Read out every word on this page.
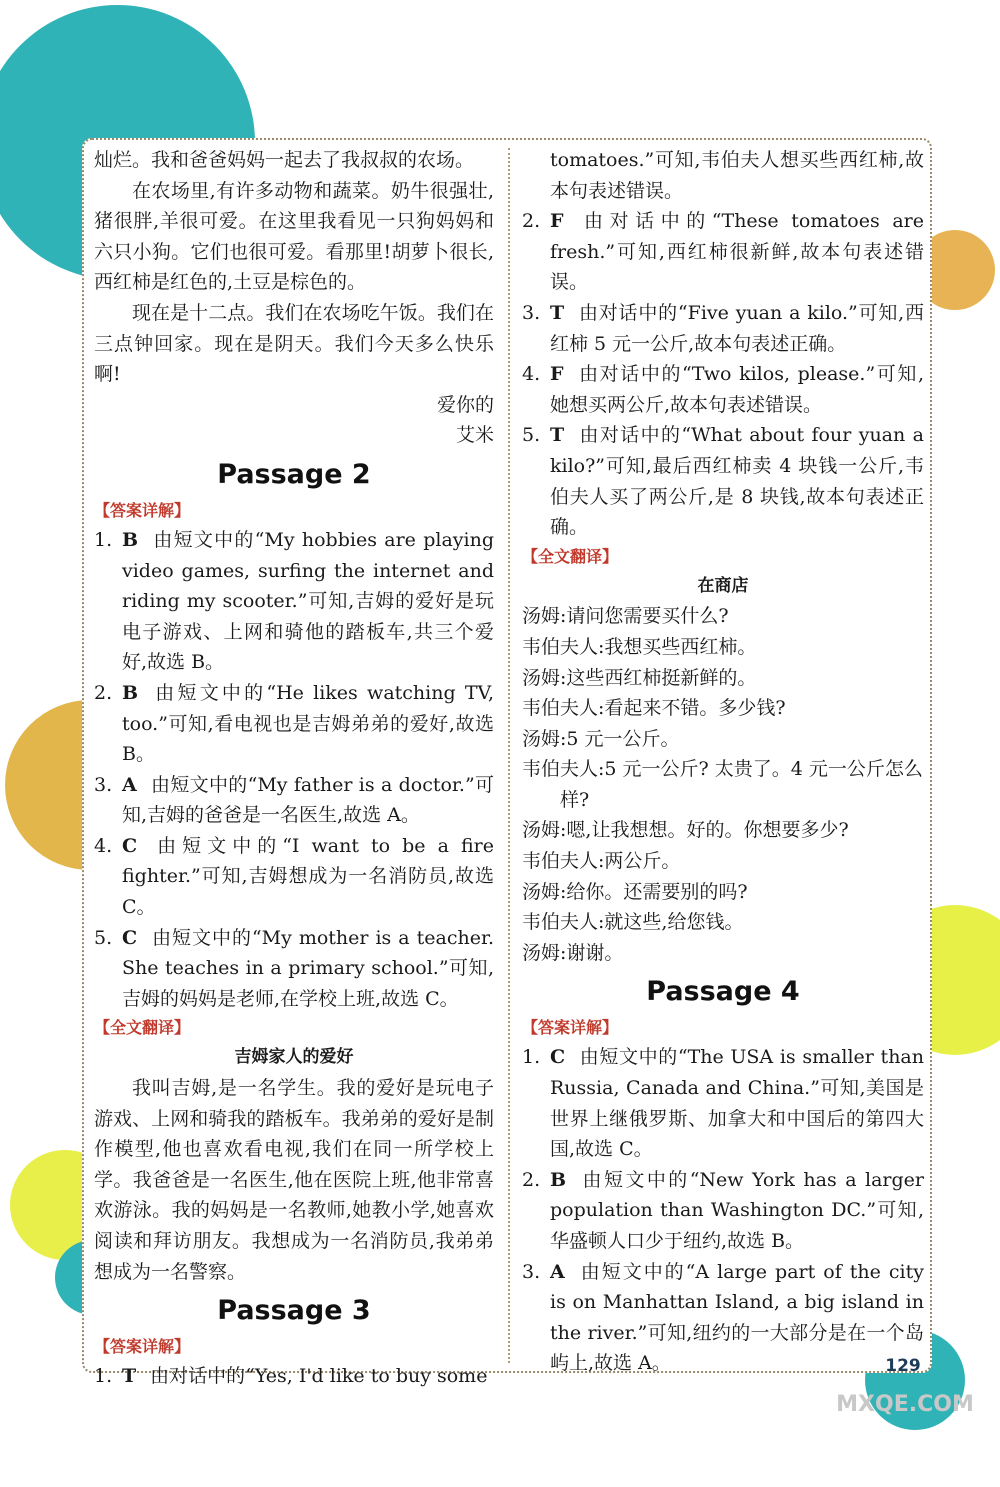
灿烂。我和爸爸妈妈一起去了我叔叔的农场。

在农场里,有许多动物和蔬菜。奶牛很强壮,猪很胖,羊很可爱。在这里我看见一只狗妈妈和六只小狗。它们也很可爱。看那里!胡萝卜很长,西红柿是红色的,土豆是棕色的。

现在是十二点。我们在农场吃午饭。我们在三点钟回家。现在是阴天。我们今天多么快乐啊!

爱你的

艾米

Passage 2

【答案详解】

1. B 由短文中的“My hobbies are playing video games, surfing the internet and riding my scooter.”可知,吉姆的爱好是玩电子游戏、上网和骑他的踏板车,共三个爱好,故选 B。
2. B 由短文中的“He likes watching TV, too.”可知,看电视也是吉姆弟弟的爱好,故选 B。
3. A 由短文中的“My father is a doctor.”可知,吉姆的爸爸是一名医生,故选 A。
4. C 由短文中的“I want to be a fire fighter.”可知,吉姆想成为一名消防员,故选 C。
5. C 由短文中的“My mother is a teacher. She teaches in a primary school.”可知,吉姆的妈妈是老师,在学校上班,故选 C。

【全文翻译】

吉姆家人的爱好

我叫吉姆,是一名学生。我的爱好是玩电子游戏、上网和骑我的踏板车。我弟弟的爱好是制作模型,他也喜欢看电视,我们在同一所学校上学。我爸爸是一名医生,他在医院上班,他非常喜欢游泳。我的妈妈是一名教师,她教小学,她喜欢阅读和拜访朋友。我想成为一名消防员,我弟弟想成为一名警察。

Passage 3

【答案详解】

1. T 由对话中的“Yes, I'd like to buy some

tomatoes.”可知,韦伯夫人想买些西红柿,故本句表述错误。

2. F 由对话中的“These tomatoes are fresh.”可知,西红柿很新鲜,故本句表述错误。
3. T 由对话中的“Five yuan a kilo.”可知,西红柿 5 元一公斤,故本句表述正确。
4. F 由对话中的“Two kilos, please.”可知,她想买两公斤,故本句表述错误。
5. T 由对话中的“What about four yuan a kilo?”可知,最后西红柿卖 4 块钱一公斤,韦伯夫人买了两公斤,是 8 块钱,故本句表述正确。

【全文翻译】

在商店

汤姆:请问您需要买什么?

韦伯夫人:我想买些西红柿。

汤姆:这些西红柿挺新鲜的。

韦伯夫人:看起来不错。多少钱?

汤姆:5 元一公斤。

韦伯夫人:5 元一公斤? 太贵了。4 元一公斤怎么样?

汤姆:嗯,让我想想。好的。你想要多少?

韦伯夫人:两公斤。

汤姆:给你。还需要别的吗?

韦伯夫人:就这些,给您钱。

汤姆:谢谢。

Passage 4

【答案详解】

1. C 由短文中的“The USA is smaller than Russia, Canada and China.”可知,美国是世界上继俄罗斯、加拿大和中国后的第四大国,故选 C。
2. B 由短文中的“New York has a larger population than Washington DC.”可知,华盛顿人口少于纽约,故选 B。
3. A 由短文中的“A large part of the city is on Manhattan Island, a big island in the river.”可知,纽约的一大部分是在一个岛屿上,故选 A。	129
MXQE.COM
